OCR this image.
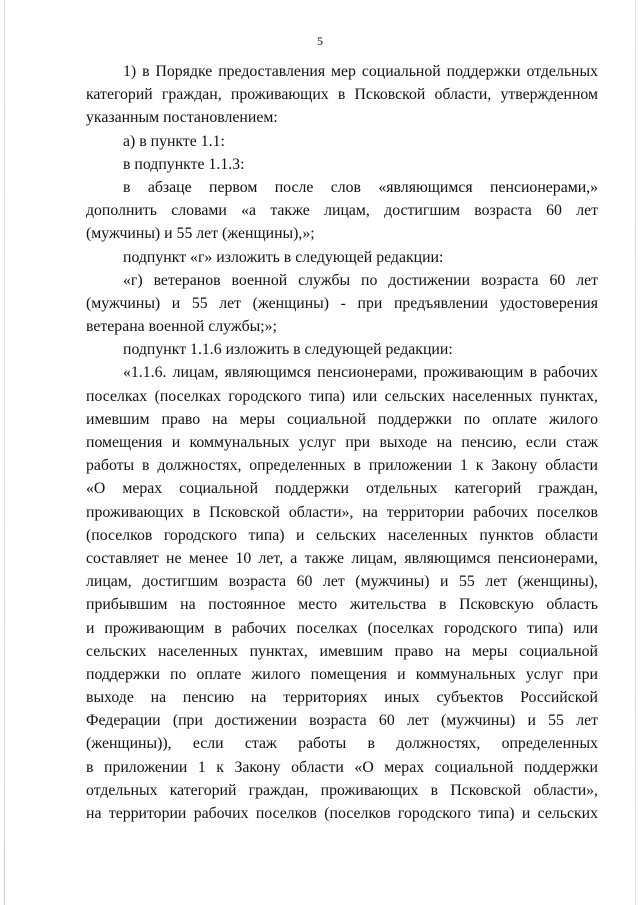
5
1) в Порядке предоставления мер социальной поддержки отдельных
категорий граждан, проживающих в Псковской области, утвержденном
указанным постановлением:
а) в пункте 1.1:
в подпункте 1.1.3:
в абзаце первом после слов «являющимся пенсионерами,»
дополнить словами «а также лицам, достигшим возраста 60 лет
(мужчины) и 55 лет (женщины),»;
подпункт «г» изложить в следующей редакции:
«г) ветеранов военной службы по достижении возраста 60 лет
(мужчины) и 55 лет (женщины) - при предъявлении удостоверения
ветерана военной службы;»;
подпункт 1.1.6 изложить в следующей редакции:
«1.1.6. лицам, являющимся пенсионерами, проживающим в рабочих
поселках (поселках городского типа) или сельских населенных пунктах,
имевшим право на меры социальной поддержки по оплате жилого
помещения и коммунальных услуг при выходе на пенсию, если стаж
работы в должностях, определенных в приложении 1 к Закону области
«О мерах социальной поддержки отдельных категорий граждан,
проживающих в Псковской области», на территории рабочих поселков
(поселков городского типа) и сельских населенных пунктов области
составляет не менее 10 лет, а также лицам, являющимся пенсионерами,
лицам, достигшим возраста 60 лет (мужчины) и 55 лет (женщины),
прибывшим на постоянное место жительства в Псковскую область
и проживающим в рабочих поселках (поселках городского типа) или
сельских населенных пунктах, имевшим право на меры социальной
поддержки по оплате жилого помещения и коммунальных услуг при
выходе на пенсию на территориях иных субъектов Российской
Федерации (при достижении возраста 60 лет (мужчины) и 55 лет
(женщины)), если стаж работы в должностях, определенных
в приложении 1 к Закону области «О мерах социальной поддержки
отдельных категорий граждан, проживающих в Псковской области»,
на территории рабочих поселков (поселков городского типа) и сельских
